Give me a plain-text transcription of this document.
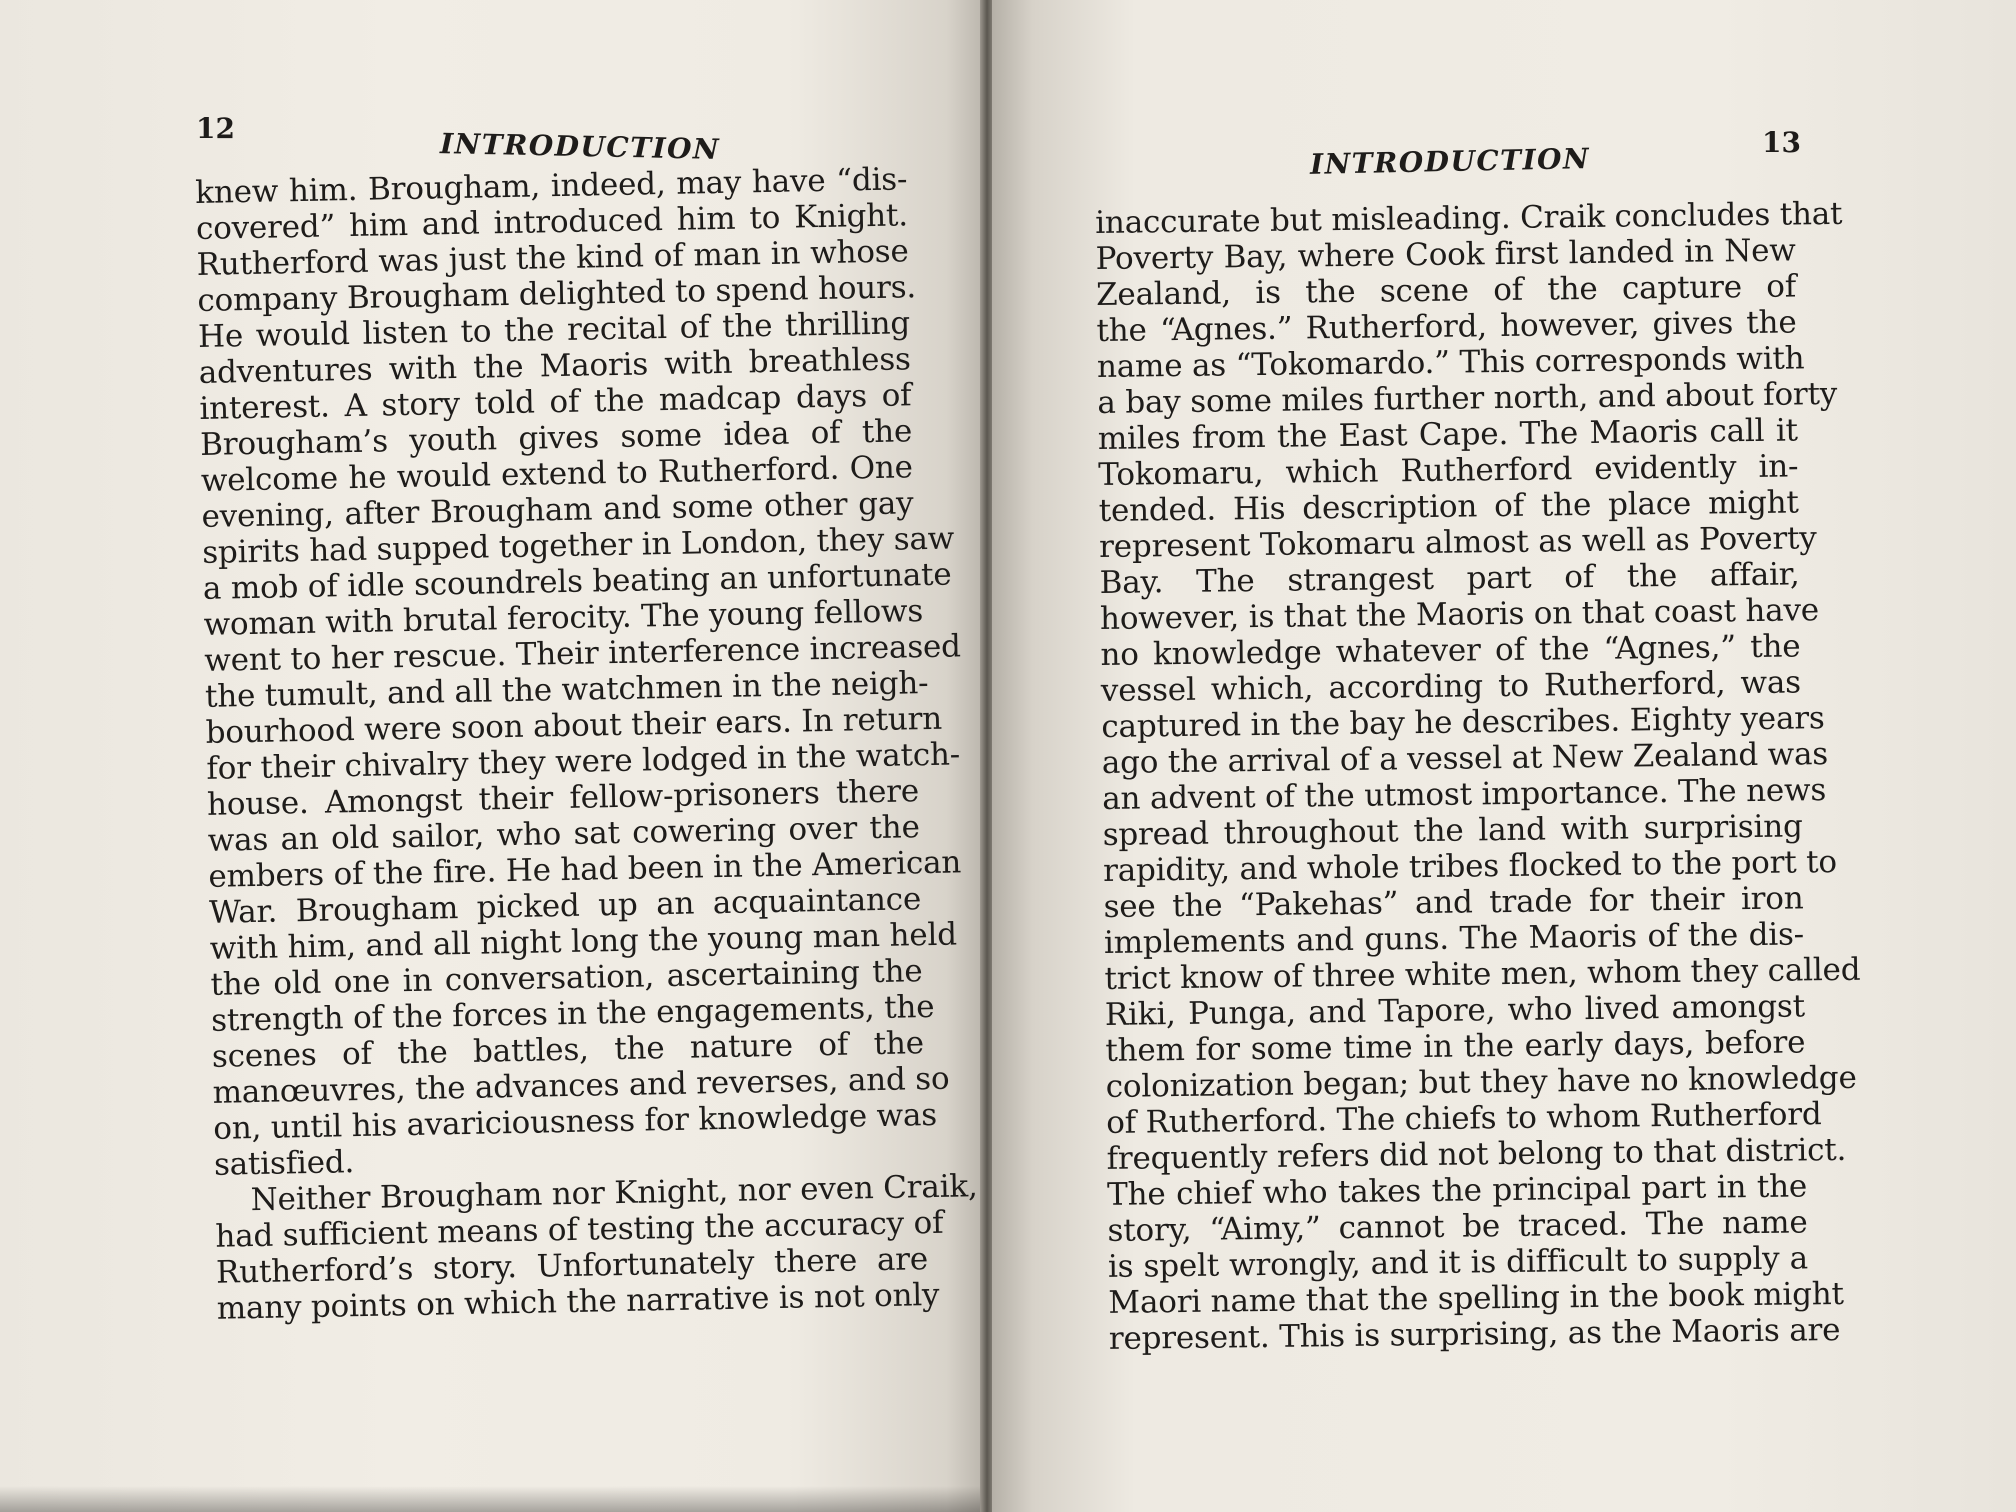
12	INTRODUCTION
knew him. Brougham, indeed, may have “dis-
covered” him and introduced him to Knight.
Rutherford was just the kind of man in whose
company Brougham delighted to spend hours.
He would listen to the recital of the thrilling
adventures with the Maoris with breathless
interest. A story told of the madcap days of
Brougham’s youth gives some idea of the
welcome he would extend to Rutherford. One
evening, after Brougham and some other gay
spirits had supped together in London, they saw
a mob of idle scoundrels beating an unfortunate
woman with brutal ferocity. The young fellows
went to her rescue. Their interference increased
the tumult, and all the watchmen in the neigh-
bourhood were soon about their ears. In return
for their chivalry they were lodged in the watch-
house. Amongst their fellow-prisoners there
was an old sailor, who sat cowering over the
embers of the fire. He had been in the American
War. Brougham picked up an acquaintance
with him, and all night long the young man held
the old one in conversation, ascertaining the
strength of the forces in the engagements, the
scenes of the battles, the nature of the
manœuvres, the advances and reverses, and so
on, until his avariciousness for knowledge was
satisfied.
Neither Brougham nor Knight, nor even Craik,
had sufficient means of testing the accuracy of
Rutherford’s story. Unfortunately there are
many points on which the narrative is not only
13
INTRODUCTION
inaccurate but misleading. Craik concludes that
Poverty Bay, where Cook first landed in New
Zealand, is the scene of the capture of
the “Agnes.” Rutherford, however, gives the
name as “Tokomardo.” This corresponds with
a bay some miles further north, and about forty
miles from the East Cape. The Maoris call it
Tokomaru, which Rutherford evidently in-
tended. His description of the place might
represent Tokomaru almost as well as Poverty
Bay. The strangest part of the affair,
however, is that the Maoris on that coast have
no knowledge whatever of the “Agnes,” the
vessel which, according to Rutherford, was
captured in the bay he describes. Eighty years
ago the arrival of a vessel at New Zealand was
an advent of the utmost importance. The news
spread throughout the land with surprising
rapidity, and whole tribes flocked to the port to
see the “Pakehas” and trade for their iron
implements and guns. The Maoris of the dis-
trict know of three white men, whom they called
Riki, Punga, and Tapore, who lived amongst
them for some time in the early days, before
colonization began; but they have no knowledge
of Rutherford. The chiefs to whom Rutherford
frequently refers did not belong to that district.
The chief who takes the principal part in the
story, “Aimy,” cannot be traced. The name
is spelt wrongly, and it is difficult to supply a
Maori name that the spelling in the book might
represent. This is surprising, as the Maoris are
